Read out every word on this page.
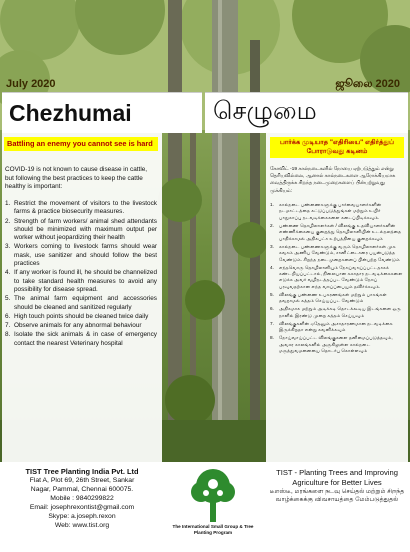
July 2020	ஜூலை 2020
Chezhumai	செழுமை
Battling an enemy you cannot see is hard	பார்க்க முடியாத "எதிரியை" எதிர்த்துப் போராடுவது கடினம்
COVID-19 is not known to cause disease in cattle, but following the best practices to keep the cattle healthy is important:
1. Restrict the movement of visitors to the livestock farms & practice biosecurity measures.
2. Strength of farm workers/ animal shed attendants should be minimized with maximum output per worker without jeopardizing their health
3. Workers coming to livestock farms should wear mask, use sanitizer and should follow the best practices
4. If any worker is found ill, he should be channelized to take standard health measures to avoid any possibility for disease spread.
5. The animal farm equipment and accessories should be cleaned and sanitized regularly
6. High touch points should be cleaned twice daily
7. Observe animals for any abnormal behaviour
8. Isolate the sick animals & in case of emergency contact the nearest Veterinary hospital
கோவிட் -19 கால்நடைகளில் நோயை ஏற்படுத்தும் என்று தெரியவில்லை, ஆனால் கால்நடைகளை ஆரோக்கியமாக வைத்திருக்க சிறந்த நடைமுறைகளைப் பின்பற்றுவது முக்கியம்:
1.	கால்நடை பண்ணைகளுக்கு பார்வையாளர்களின் நடமாட்டத்தை கட்டுப்படுத்துங்கள் மற்றும் உயிர் பாதுகாப்பு நடவடிக்கைகளை கடைப்பிடிக்கவும்.
2.	பண்ணை தொழிலாளர்கள் / விலங்கு உதவியாளர்களின் எண்ணிக்கையை குறைத்து தொழிலாளியின் உடல்நலத்தை பாதிக்காமல் அதிகபட்ச உற்பத்தியை குறைக்கவும்
3.	கால்நடை பண்ணைகளுக்கு வரும் தொழிலாளர்கள் முக கவசம் அணிய வேண்டும், சானிட்டைசரை பயன்படுத்த வேண்டும். சிறந்த நடைமுறைகளைப் பின்பற்ற வேண்டும்
4.	எந்தவொரு தொழிலாளியும் நோய்வாய்ப்பட்டதாகக் கண்டறியப்பட்டால், நிலையான சுகாதார நடவடிக்கைகளை எடுக்க அவர் வழிநடத்தப்பட வேண்டும் நோய் பரவுவதற்கான எந்த வாய்ப்பையும் தவிர்க்கவும்.
5.	விலங்கு பண்ணை உபகரணங்கள் மற்றும் பாகங்கள் தவறாமல் சுத்தம் செய்யப்பட வேண்டும்
6.	அதிகமாக மற்றும் அடிக்கடி தொடக்கூடிய இடங்களை ஒரு நாளில் இரண்டு முறை சுத்தம் செய்யவும்
7.	விலங்குகளின் ஏதேனும் அசாதாரணமான நடவடிக்கை இருக்கிறதா என்று கவனிக்கவும்
8.	நோய்வாய்ப்பட்ட விலங்குகளை தனிமைப்படுத்தவும், அவசர காலங்களில் அருகிலுள்ள கால்நடை மருத்துவமனையை தொடர்பு கொள்ளவும்
TIST Tree Planting India Pvt. Ltd
Flat A, Plot 69, 26th Street, Sankar
Nagar, Pammal, Chennai 600075.
Mobile : 9840299822
Email: josephrexontist@gmail.com
Skype: a.joseph.rexon
Web: www.tist.org	The International Small Group & Tree Planting Program
TIST - Planting Trees and Improving Agriculture for Better Lives
டீஎஸ்டீ, மரங்களை நடவு செய்தல் மற்றும் சிறந்த வாழ்க்கைக்கு விவசாயத்தை மேம்படுத்துதல்
